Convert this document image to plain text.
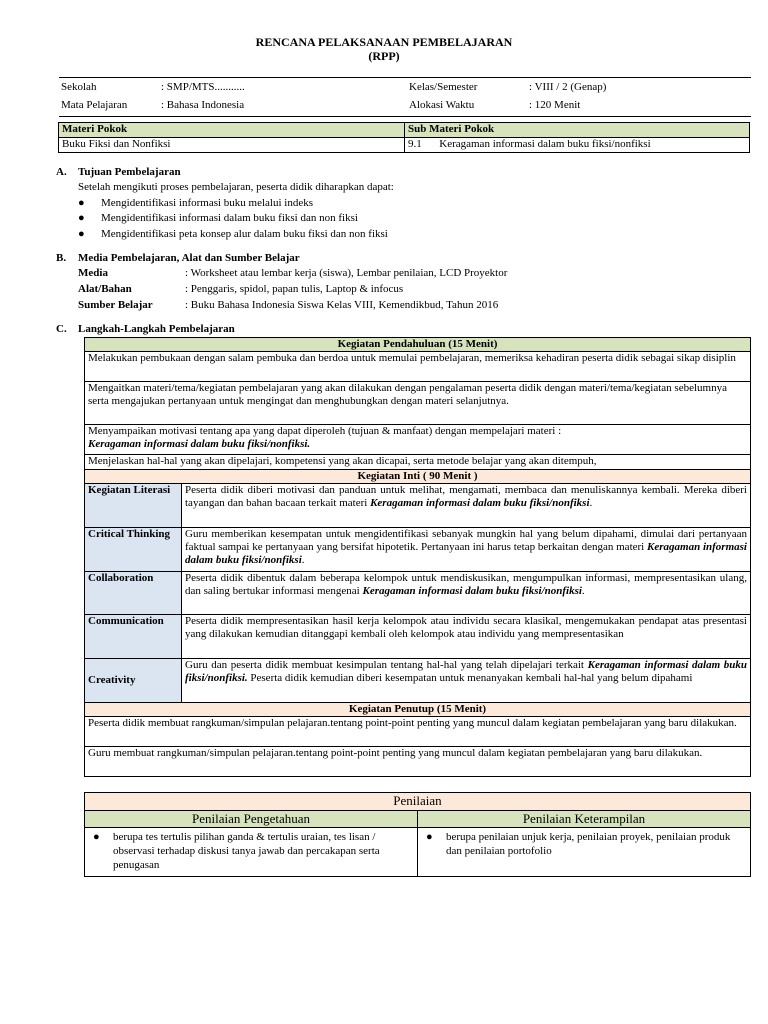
RENCANA PELAKSANAAN PEMBELAJARAN
(RPP)
Sekolah	: SMP/MTS...........	Kelas/Semester	: VIII / 2 (Genap)
Mata Pelajaran	: Bahasa Indonesia	Alokasi Waktu	: 120 Menit
Materi Pokok	Sub Materi Pokok
Buku Fiksi dan Nonfiksi	9.1 Keragaman informasi dalam buku fiksi/nonfiksi
A. Tujuan Pembelajaran
Setelah mengikuti proses pembelajaran, peserta didik diharapkan dapat:
● Mengidentifikasi informasi buku melalui indeks
● Mengidentifikasi informasi dalam buku fiksi dan non fiksi
● Mengidentifikasi peta konsep alur dalam buku fiksi dan non fiksi
B. Media Pembelajaran, Alat dan Sumber Belajar
Media	: Worksheet atau lembar kerja (siswa), Lembar penilaian, LCD Proyektor
Alat/Bahan	: Penggaris, spidol, papan tulis, Laptop & infocus
Sumber Belajar	: Buku Bahasa Indonesia Siswa Kelas VIII, Kemendikbud, Tahun 2016
C. Langkah-Langkah Pembelajaran
Kegiatan Pendahuluan (15 Menit)	
Melakukan pembukaan dengan salam pembuka dan berdoa untuk memulai pembelajaran, memeriksa kehadiran peserta didik sebagai sikap disiplin	
Mengaitkan materi/tema/kegiatan pembelajaran yang akan dilakukan dengan pengalaman peserta didik dengan materi/tema/kegiatan sebelumnya serta mengajukan pertanyaan untuk mengingat dan menghubungkan dengan materi selanjutnya.	
Menyampaikan motivasi tentang apa yang dapat diperoleh (tujuan & manfaat) dengan mempelajari materi :
Keragaman informasi dalam buku fiksi/nonfiksi.	
Menjelaskan hal-hal yang akan dipelajari, kompetensi yang akan dicapai, serta metode belajar yang akan ditempuh,	
Kegiatan Inti ( 90 Menit )	
Kegiatan Literasi	Peserta didik diberi motivasi dan panduan untuk melihat, mengamati, membaca dan menuliskannya kembali. Mereka diberi tayangan dan bahan bacaan terkait materi Keragaman informasi dalam buku fiksi/nonfiksi.
Critical Thinking	Guru memberikan kesempatan untuk mengidentifikasi sebanyak mungkin hal yang belum dipahami, dimulai dari pertanyaan faktual sampai ke pertanyaan yang bersifat hipotetik. Pertanyaan ini harus tetap berkaitan dengan materi Keragaman informasi dalam buku fiksi/nonfiksi.
Collaboration	Peserta didik dibentuk dalam beberapa kelompok untuk mendiskusikan, mengumpulkan informasi, mempresentasikan ulang, dan saling bertukar informasi mengenai Keragaman informasi dalam buku fiksi/nonfiksi.
Communication	Peserta didik mempresentasikan hasil kerja kelompok atau individu secara klasikal, mengemukakan pendapat atas presentasi yang dilakukan kemudian ditanggapi kembali oleh kelompok atau individu yang mempresentasikan
Creativity	Guru dan peserta didik membuat kesimpulan tentang hal-hal yang telah dipelajari terkait Keragaman informasi dalam buku fiksi/nonfiksi. Peserta didik kemudian diberi kesempatan untuk menanyakan kembali hal-hal yang belum dipahami
Kegiatan Penutup (15 Menit)	
Peserta didik membuat rangkuman/simpulan pelajaran.tentang point-point penting yang muncul dalam kegiatan pembelajaran yang baru dilakukan.	
Guru membuat rangkuman/simpulan pelajaran.tentang point-point penting yang muncul dalam kegiatan pembelajaran yang baru dilakukan.	
Penilaian	
Penilaian Pengetahuan	Penilaian Keterampilan

● berupa tes tertulis pilihan ganda & tertulis uraian, tes lisan / observasi terhadap diskusi tanya jawab dan percakapan serta penugasan	● berupa penilaian unjuk kerja, penilaian proyek, penilaian produk dan penilaian portofolio
